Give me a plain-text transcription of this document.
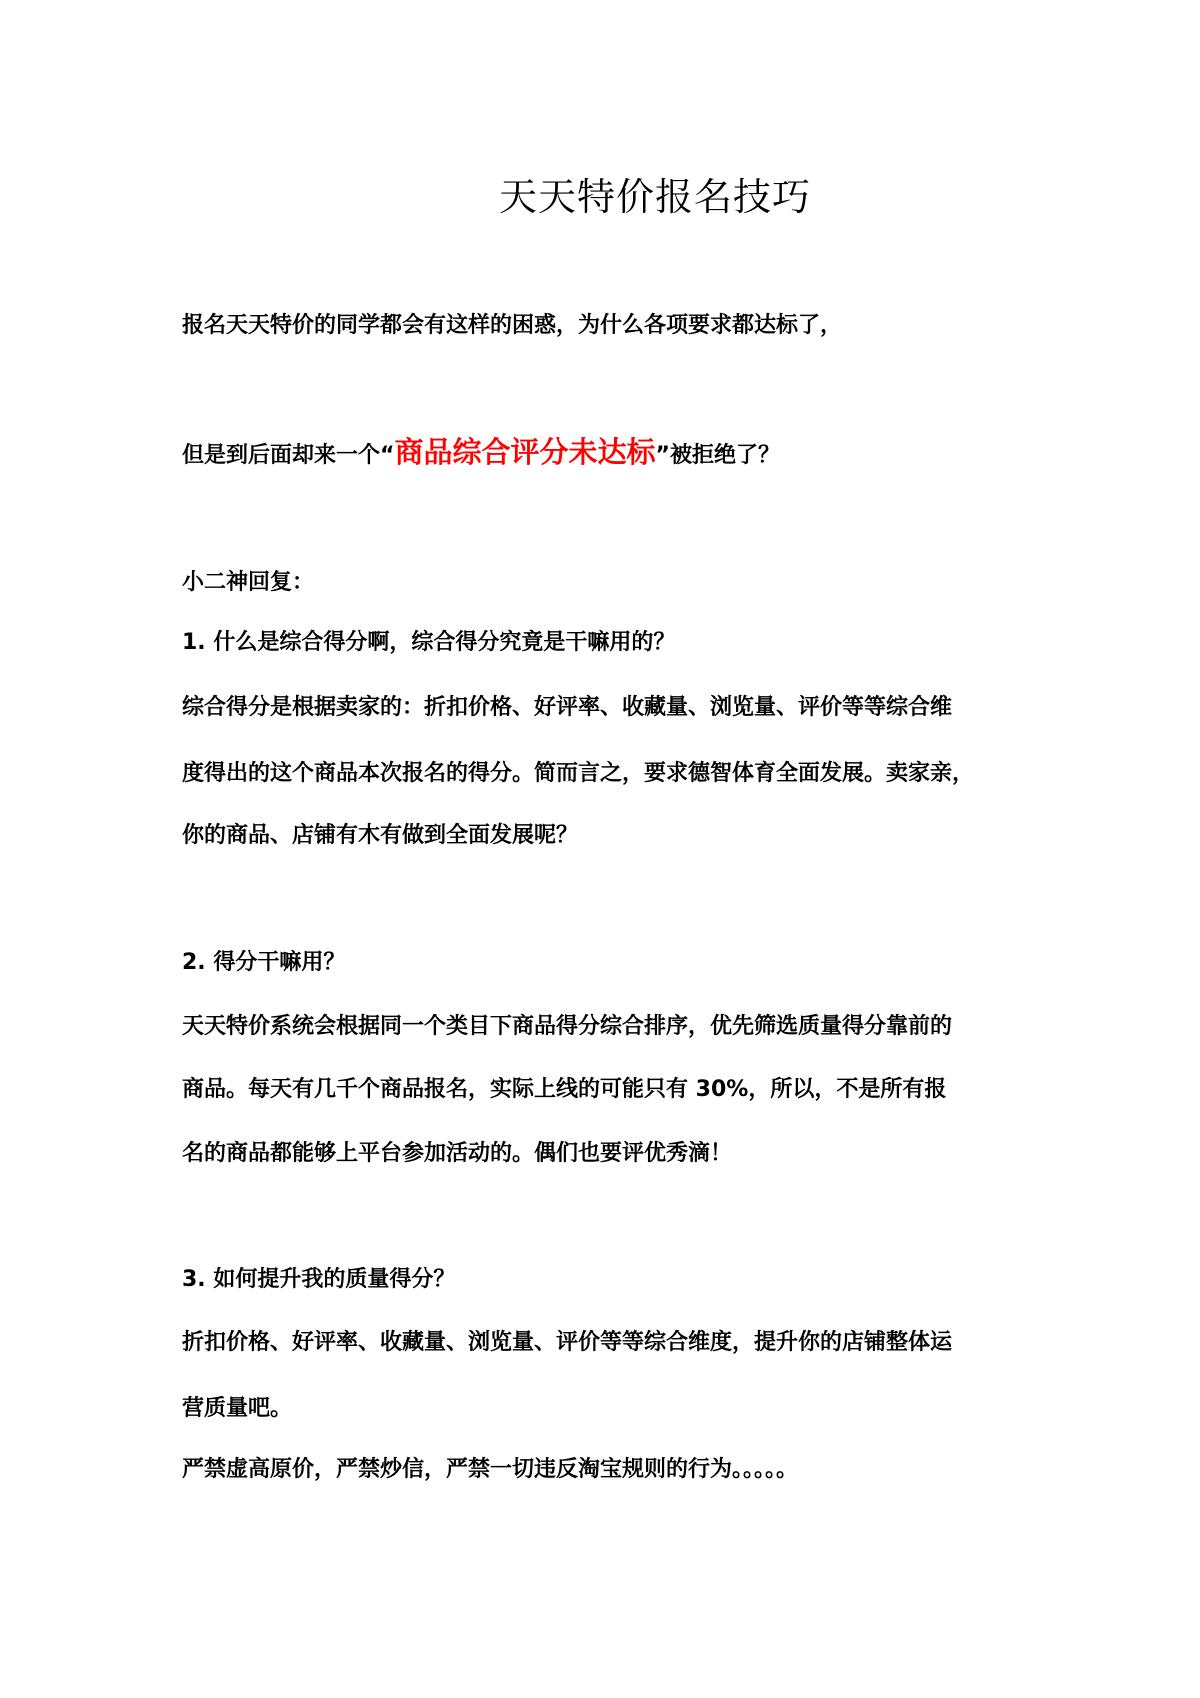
天天特价报名技巧
报名天天特价的同学都会有这样的困惑，为什么各项要求都达标了，
但是到后面却来一个“商品综合评分未达标”被拒绝了？
小二神回复：
1. 什么是综合得分啊，综合得分究竟是干嘛用的？
综合得分是根据卖家的：折扣价格、好评率、收藏量、浏览量、评价等等综合维
度得出的这个商品本次报名的得分。简而言之，要求德智体育全面发展。卖家亲，
你的商品、店铺有木有做到全面发展呢？
2. 得分干嘛用？
天天特价系统会根据同一个类目下商品得分综合排序，优先筛选质量得分靠前的
商品。每天有几千个商品报名，实际上线的可能只有 30%，所以，不是所有报
名的商品都能够上平台参加活动的。偶们也要评优秀滴！
3. 如何提升我的质量得分？
折扣价格、好评率、收藏量、浏览量、评价等等综合维度，提升你的店铺整体运
营质量吧。
严禁虚高原价，严禁炒信，严禁一切违反淘宝规则的行为。。。。。
